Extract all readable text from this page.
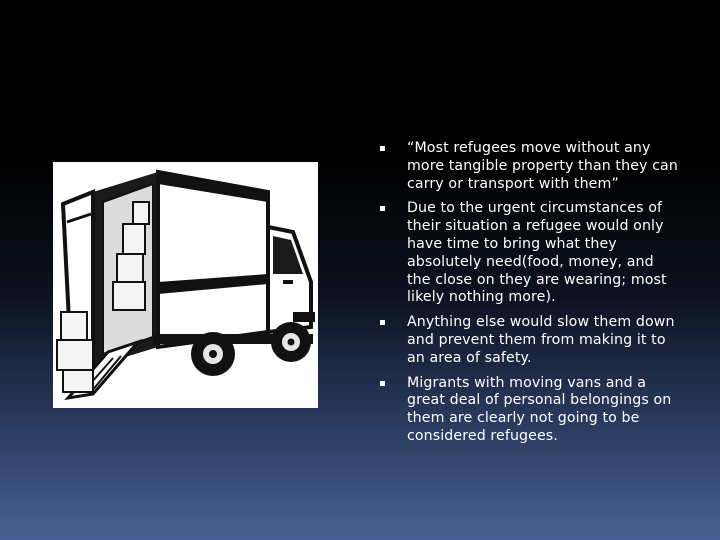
“Most refugees move without any more tangible property than they can carry or transport with them”
Due to the urgent circumstances of their situation a refugee would only have time to bring what they absolutely need(food, money, and the close on they are wearing; most likely nothing more).
Anything else would slow them down and prevent them from making it to an area of safety.
Migrants with moving vans and a great deal of personal belongings on them are clearly not going to be considered refugees.
